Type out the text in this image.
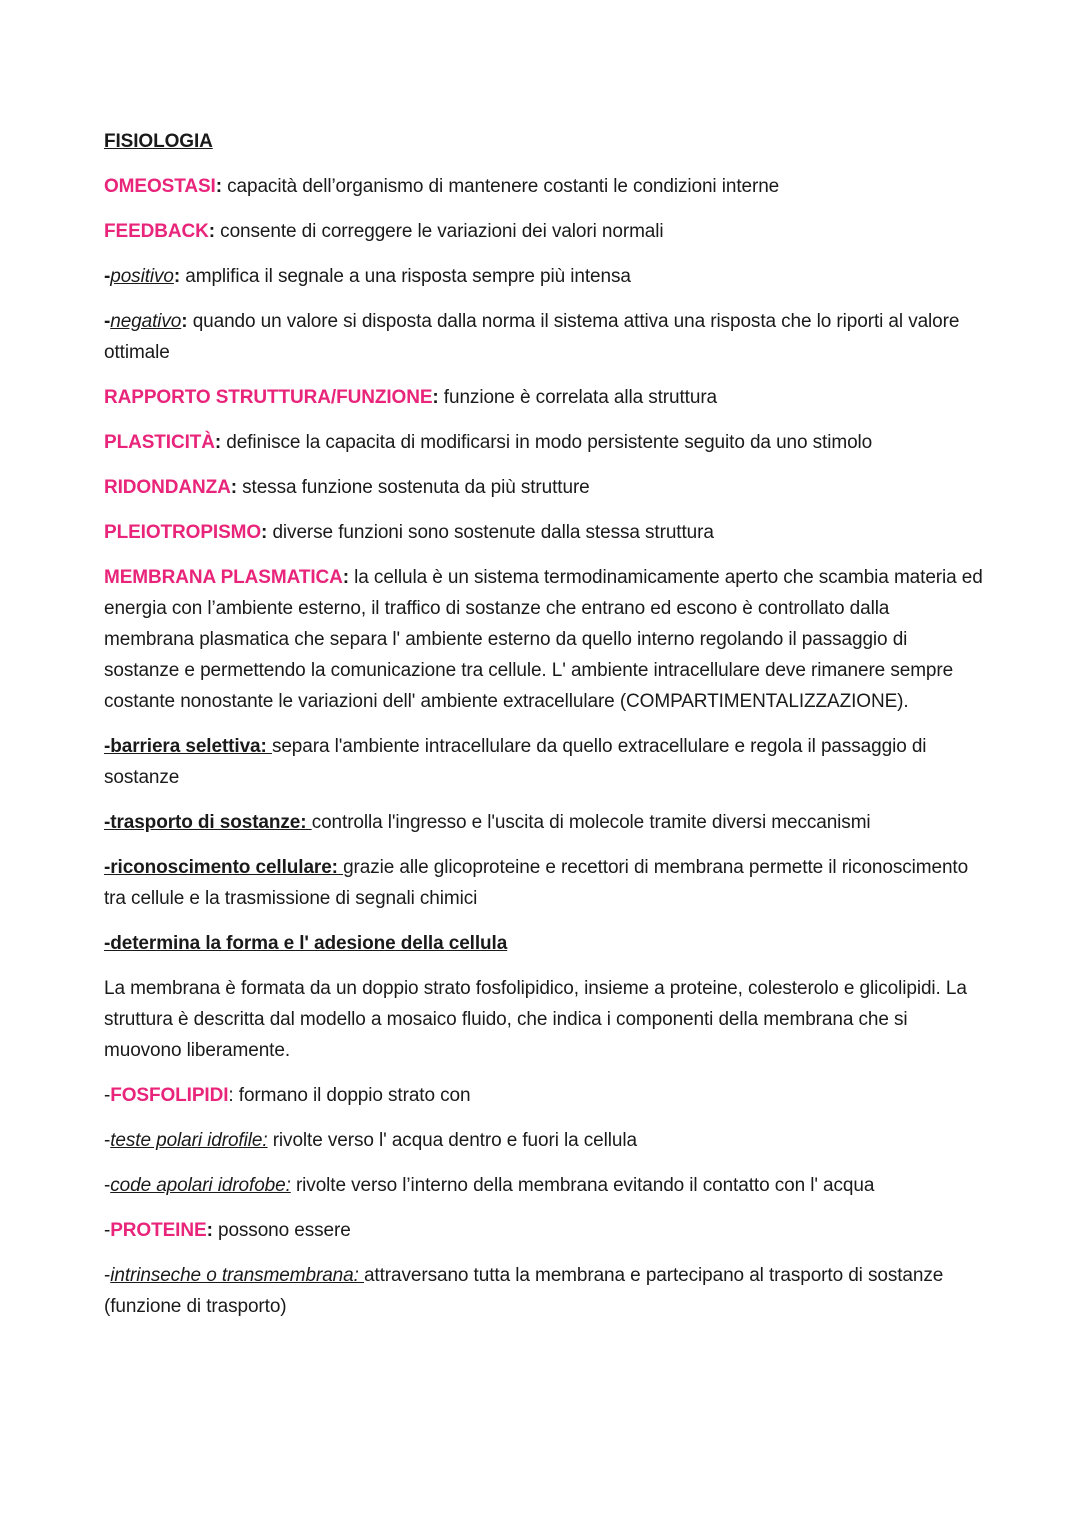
FISIOLOGIA

OMEOSTASI: capacità dell’organismo di mantenere costanti le condizioni interne

FEEDBACK: consente di correggere le variazioni dei valori normali

-positivo: amplifica il segnale a una risposta sempre più intensa

-negativo: quando un valore si disposta dalla norma il sistema attiva una risposta che lo riporti al valore ottimale

RAPPORTO STRUTTURA/FUNZIONE: funzione è correlata alla struttura

PLASTICITÀ: definisce la capacita di modificarsi in modo persistente seguito da uno stimolo

RIDONDANZA: stessa funzione sostenuta da più strutture

PLEIOTROPISMO: diverse funzioni sono sostenute dalla stessa struttura

MEMBRANA PLASMATICA: la cellula è un sistema termodinamicamente aperto che scambia materia ed energia con l’ambiente esterno, il traffico di sostanze che entrano ed escono è controllato dalla membrana plasmatica che separa l' ambiente esterno da quello interno regolando il passaggio di sostanze e permettendo la comunicazione tra cellule. L' ambiente intracellulare deve rimanere sempre costante nonostante le variazioni dell' ambiente extracellulare (COMPARTIMENTALIZZAZIONE).

-barriera selettiva: separa l'ambiente intracellulare da quello extracellulare e regola il passaggio di sostanze

-trasporto di sostanze: controlla l'ingresso e l'uscita di molecole tramite diversi meccanismi

-riconoscimento cellulare: grazie alle glicoproteine e recettori di membrana permette il riconoscimento tra cellule e la trasmissione di segnali chimici

-determina la forma e l' adesione della cellula

La membrana è formata da un doppio strato fosfolipidico, insieme a proteine, colesterolo e glicolipidi. La struttura è descritta dal modello a mosaico fluido, che indica i componenti della membrana che si muovono liberamente.

-FOSFOLIPIDI: formano il doppio strato con

-teste polari idrofile: rivolte verso l' acqua dentro e fuori la cellula

-code apolari idrofobe: rivolte verso l’interno della membrana evitando il contatto con l' acqua

-PROTEINE: possono essere

-intrinseche o transmembrana: attraversano tutta la membrana e partecipano al trasporto di sostanze (funzione di trasporto)
